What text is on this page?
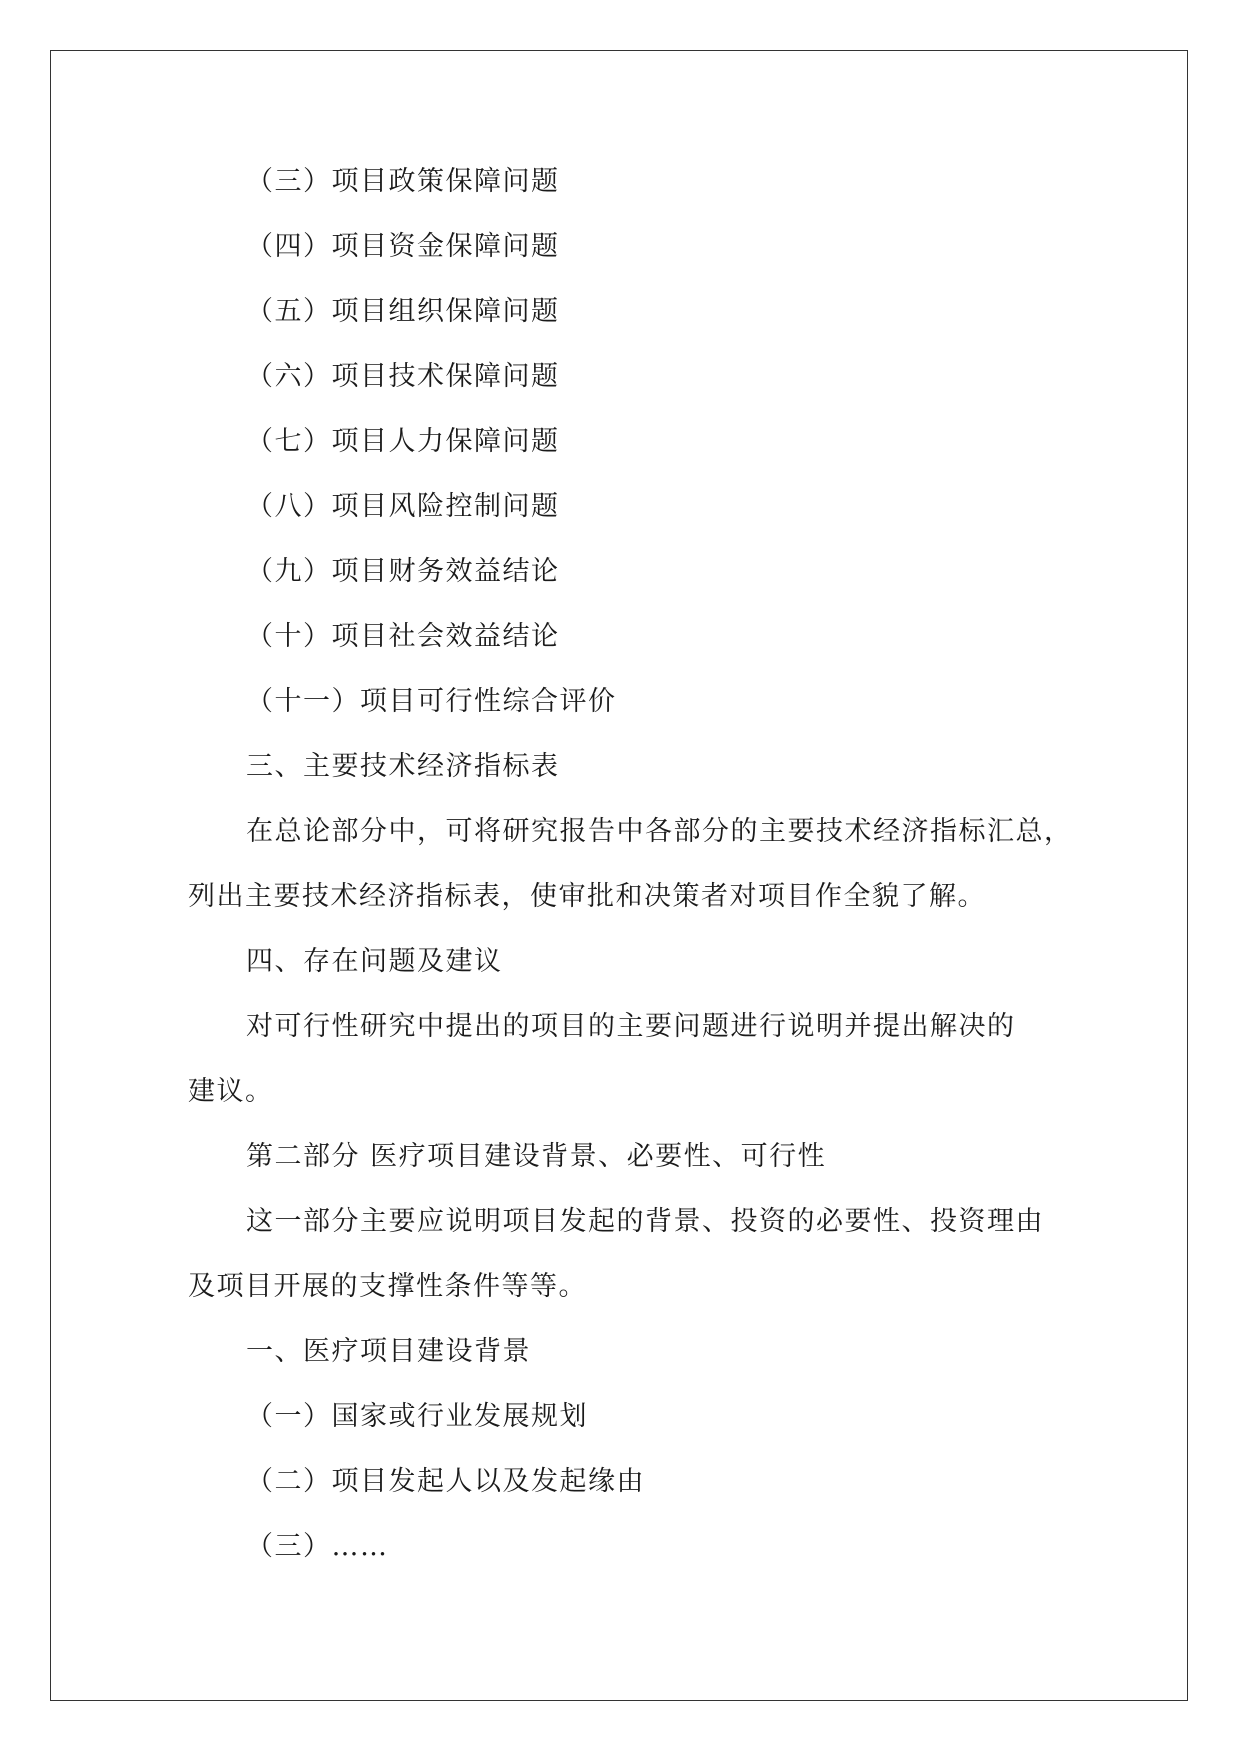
（三）项目政策保障问题
（四）项目资金保障问题
（五）项目组织保障问题
（六）项目技术保障问题
（七）项目人力保障问题
（八）项目风险控制问题
（九）项目财务效益结论
（十）项目社会效益结论
（十一）项目可行性综合评价
三、主要技术经济指标表
在总论部分中，可将研究报告中各部分的主要技术经济指标汇总，
列出主要技术经济指标表，使审批和决策者对项目作全貌了解。
四、存在问题及建议
对可行性研究中提出的项目的主要问题进行说明并提出解决的
建议。
第二部分 医疗项目建设背景、必要性、可行性
这一部分主要应说明项目发起的背景、投资的必要性、投资理由
及项目开展的支撑性条件等等。
一、医疗项目建设背景
（一）国家或行业发展规划
（二）项目发起人以及发起缘由
（三）……
